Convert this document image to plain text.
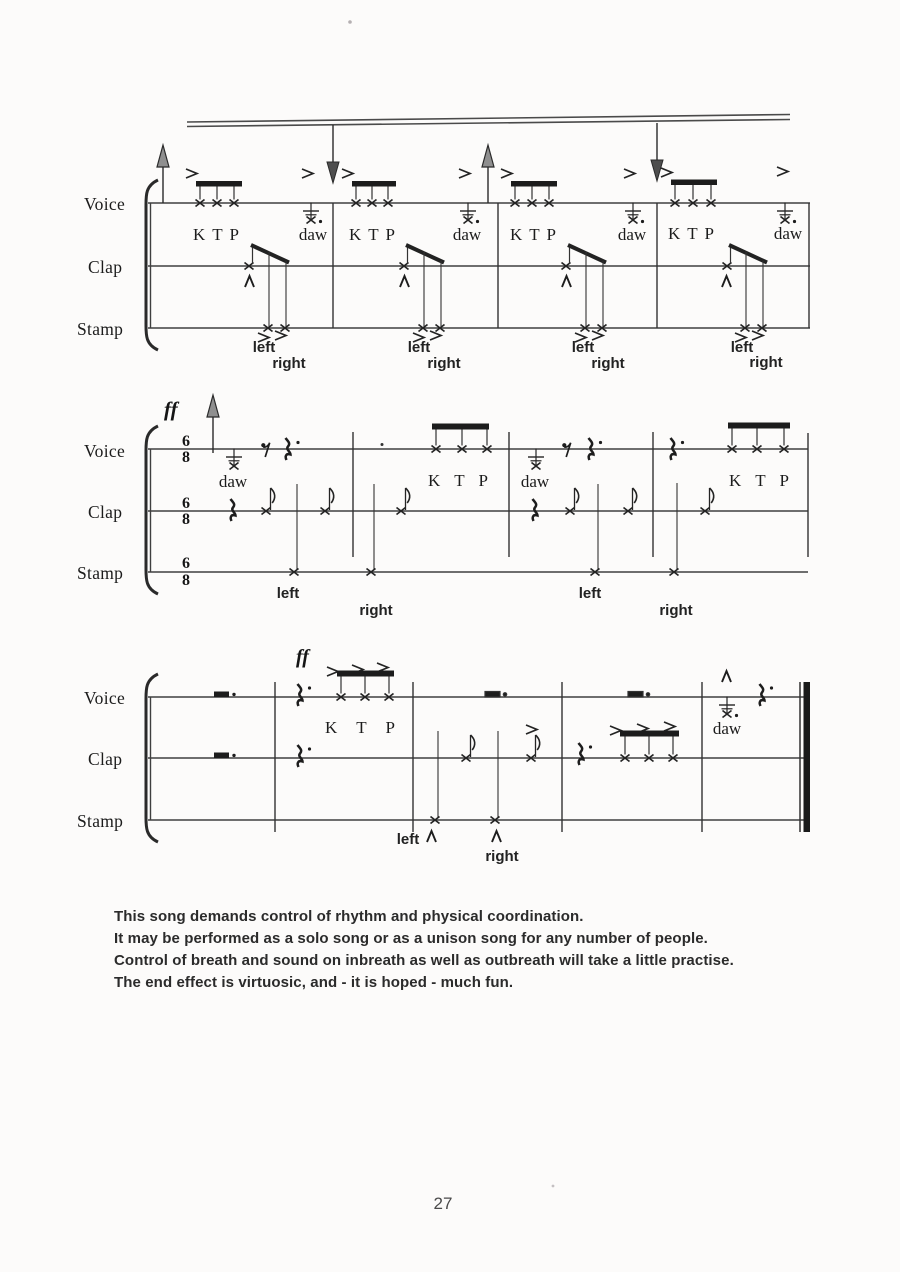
Voice
Clap
Stamp
K T P	K T P	K T P	K T P
daw	daw	daw	daw
left
right
left
right
left
right
left
right
Voice
Clap
Stamp
ff
6
8
6
8
6
8
daw	daw
K T P	K T P
left
right
left
right
Voice
Clap
Stamp
ff
K T P	daw
left
right
This song demands control of rhythm and physical coordination.
It may be performed as a solo song or as a unison song for any number of people.
Control of breath and sound on inbreath as well as outbreath will take a little practise.
The end effect is virtuosic, and - it is hoped - much fun.
27
